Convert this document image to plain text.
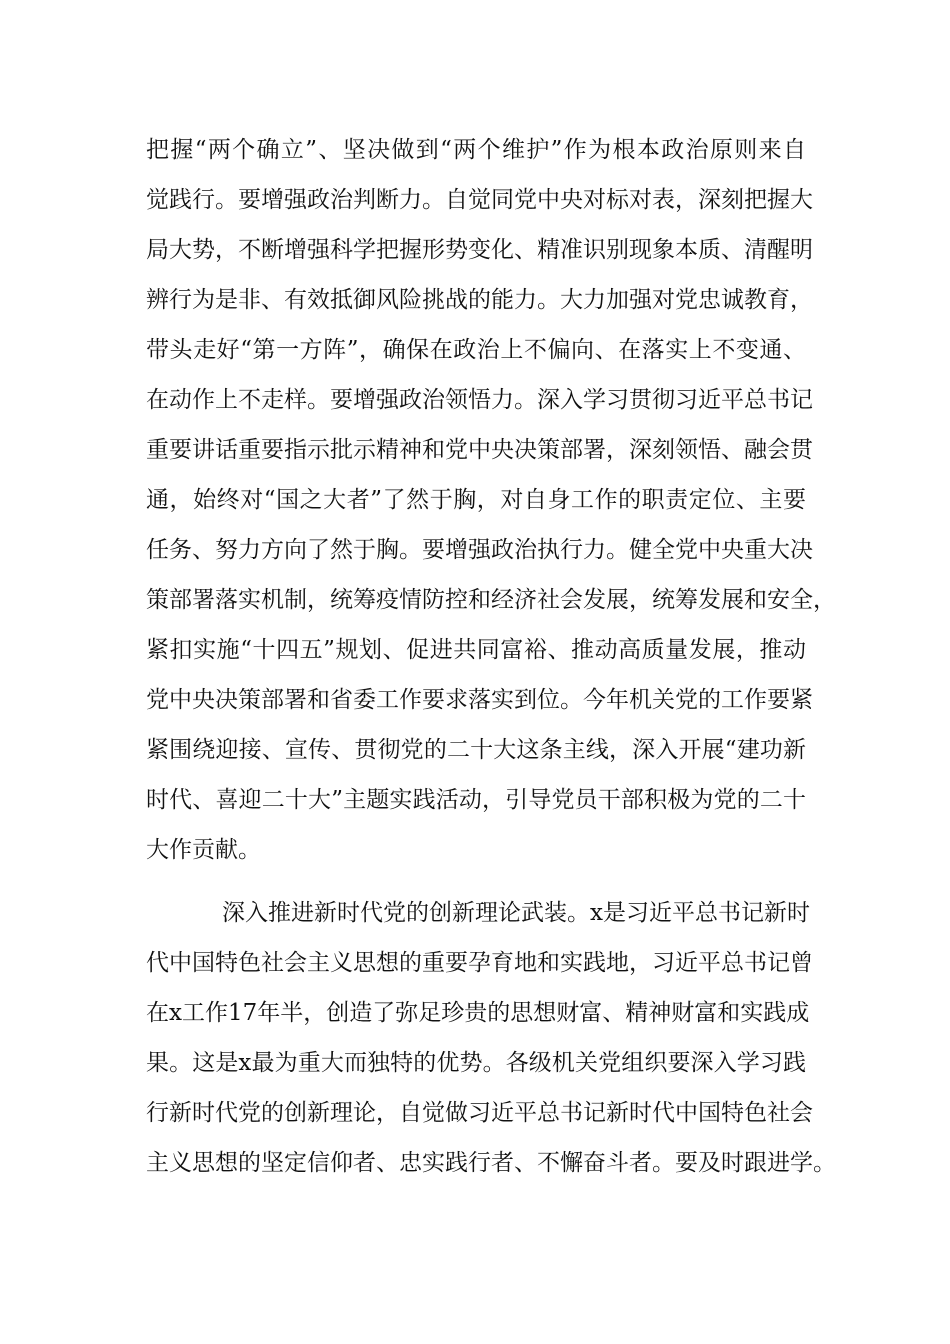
把握“两个确立”、坚决做到“两个维护”作为根本政治原则来自
觉践行。要增强政治判断力。自觉同党中央对标对表，深刻把握大
局大势，不断增强科学把握形势变化、精准识别现象本质、清醒明
辨行为是非、有效抵御风险挑战的能力。大力加强对党忠诚教育，
带头走好“第一方阵”，确保在政治上不偏向、在落实上不变通、
在动作上不走样。要增强政治领悟力。深入学习贯彻习近平总书记
重要讲话重要指示批示精神和党中央决策部署，深刻领悟、融会贯
通，始终对“国之大者”了然于胸，对自身工作的职责定位、主要
任务、努力方向了然于胸。要增强政治执行力。健全党中央重大决
策部署落实机制，统筹疫情防控和经济社会发展，统筹发展和安全，
紧扣实施“十四五”规划、促进共同富裕、推动高质量发展，推动
党中央决策部署和省委工作要求落实到位。今年机关党的工作要紧
紧围绕迎接、宣传、贯彻党的二十大这条主线，深入开展“建功新
时代、喜迎二十大”主题实践活动，引导党员干部积极为党的二十
大作贡献。
深入推进新时代党的创新理论武装。x是习近平总书记新时
代中国特色社会主义思想的重要孕育地和实践地，习近平总书记曾
在x工作17年半，创造了弥足珍贵的思想财富、精神财富和实践成
果。这是x最为重大而独特的优势。各级机关党组织要深入学习践
行新时代党的创新理论，自觉做习近平总书记新时代中国特色社会
主义思想的坚定信仰者、忠实践行者、不懈奋斗者。要及时跟进学。
